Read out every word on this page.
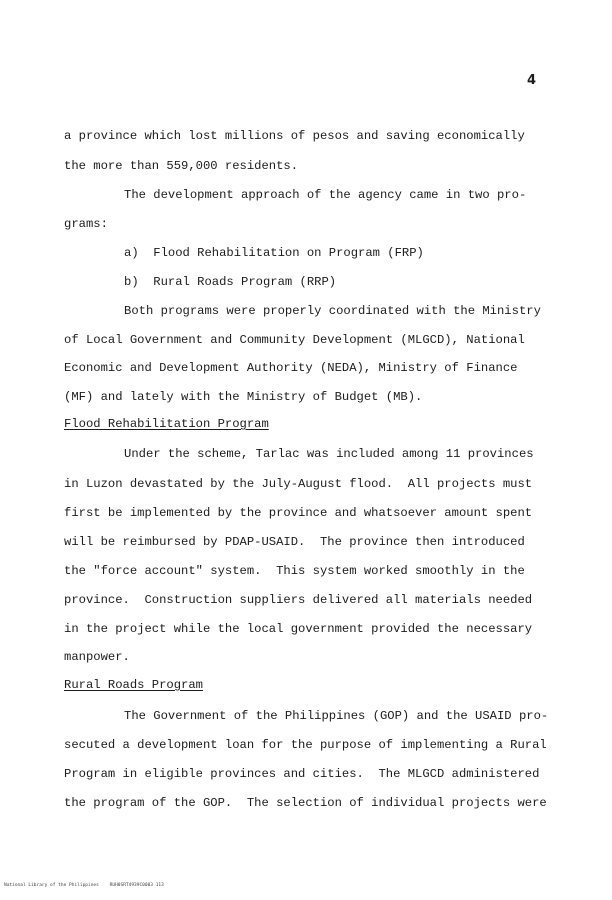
4
a province which lost millions of pesos and saving economically
the more than 559,000 residents.
The development approach of the agency came in two pro-
grams:
a)  Flood Rehabilitation on Program (FRP)
b)  Rural Roads Program (RRP)
Both programs were properly coordinated with the Ministry
of Local Government and Community Development (MLGCD), National
Economic and Development Authority (NEDA), Ministry of Finance
(MF) and lately with the Ministry of Budget (MB).
Flood Rehabilitation Program
Under the scheme, Tarlac was included among 11 provinces
in Luzon devastated by the July-August flood.  All projects must
first be implemented by the province and whatsoever amount spent
will be reimbursed by PDAP-USAID.  The province then introduced
the "force account" system.  This system worked smoothly in the
province.  Construction suppliers delivered all materials needed
in the project while the local government provided the necessary
manpower.
Rural Roads Program
The Government of the Philippines (GOP) and the USAID pro-
secuted a development loan for the purpose of implementing a Rural
Program in eligible provinces and cities.  The MLGCD administered
the program of the GOP.  The selection of individual projects were
National Library of the Philippines    RUH0SRT4939C0003 113
